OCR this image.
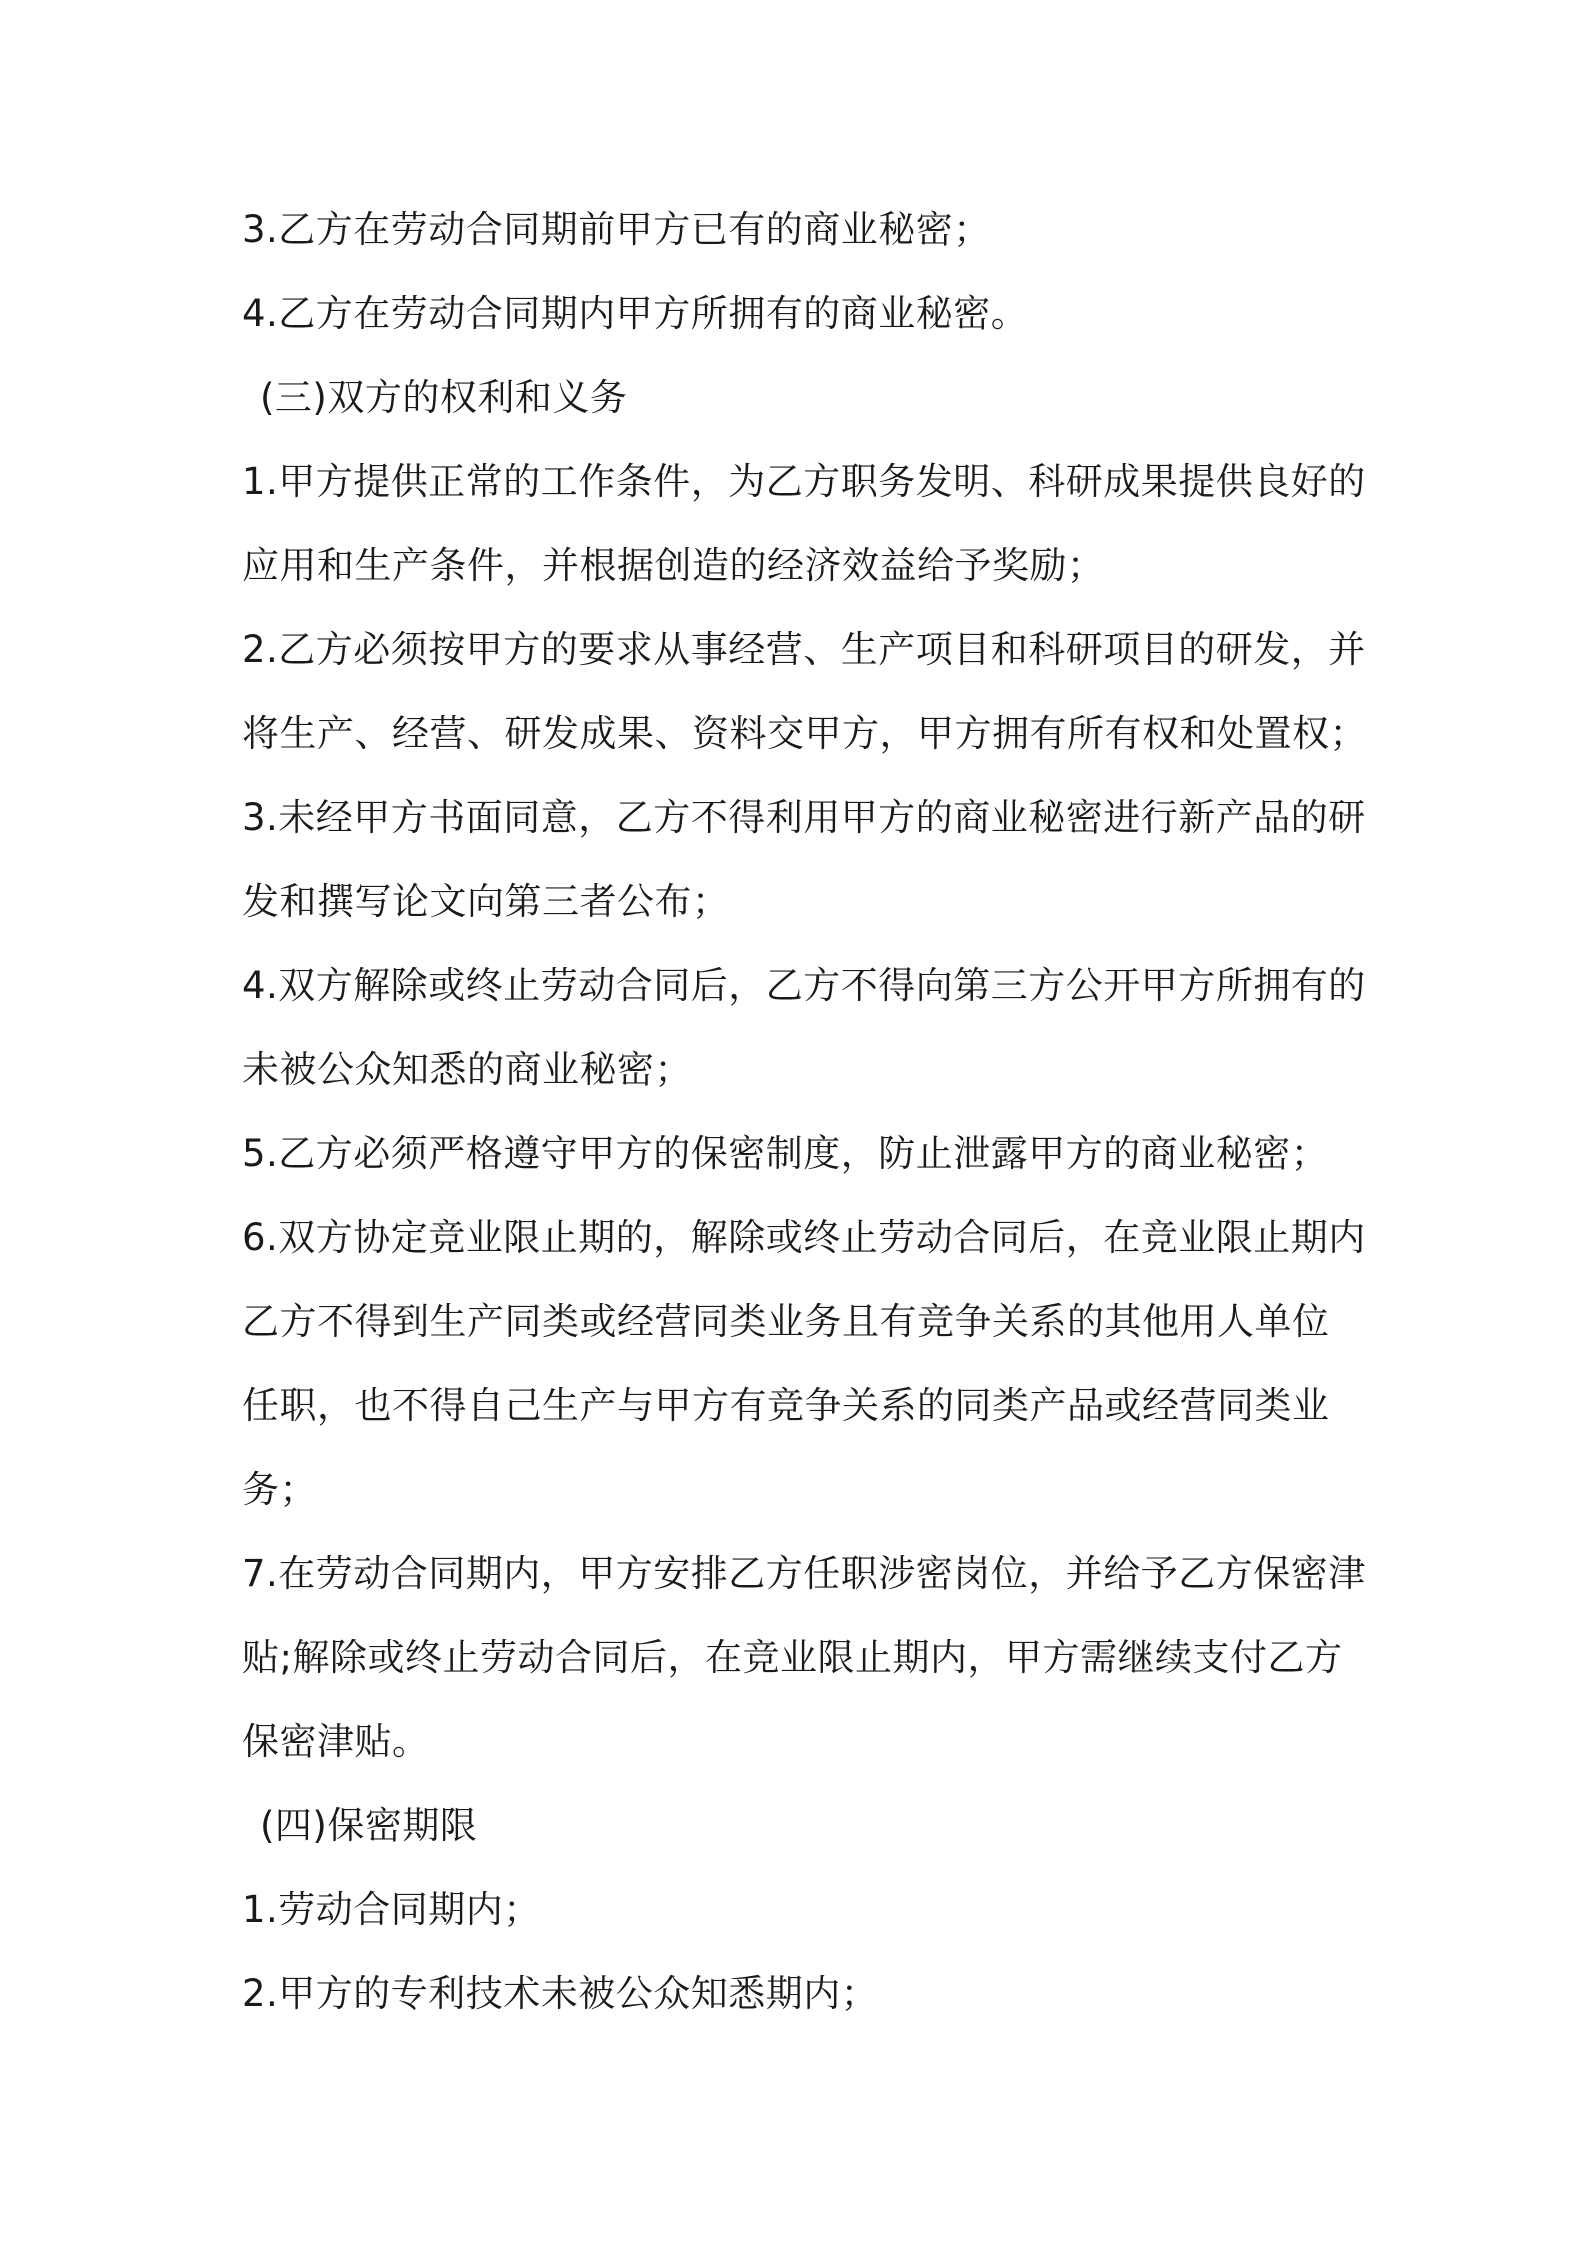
3.乙方在劳动合同期前甲方已有的商业秘密；
4.乙方在劳动合同期内甲方所拥有的商业秘密。
(三)双方的权利和义务
1.甲方提供正常的工作条件，为乙方职务发明、科研成果提供良好的
应用和生产条件，并根据创造的经济效益给予奖励；
2.乙方必须按甲方的要求从事经营、生产项目和科研项目的研发，并
将生产、经营、研发成果、资料交甲方，甲方拥有所有权和处置权；
3.未经甲方书面同意，乙方不得利用甲方的商业秘密进行新产品的研
发和撰写论文向第三者公布；
4.双方解除或终止劳动合同后，乙方不得向第三方公开甲方所拥有的
未被公众知悉的商业秘密；
5.乙方必须严格遵守甲方的保密制度，防止泄露甲方的商业秘密；
6.双方协定竞业限止期的，解除或终止劳动合同后，在竞业限止期内
乙方不得到生产同类或经营同类业务且有竞争关系的其他用人单位
任职，也不得自己生产与甲方有竞争关系的同类产品或经营同类业
务；
7.在劳动合同期内，甲方安排乙方任职涉密岗位，并给予乙方保密津
贴;解除或终止劳动合同后，在竞业限止期内，甲方需继续支付乙方
保密津贴。
(四)保密期限
1.劳动合同期内；
2.甲方的专利技术未被公众知悉期内；
